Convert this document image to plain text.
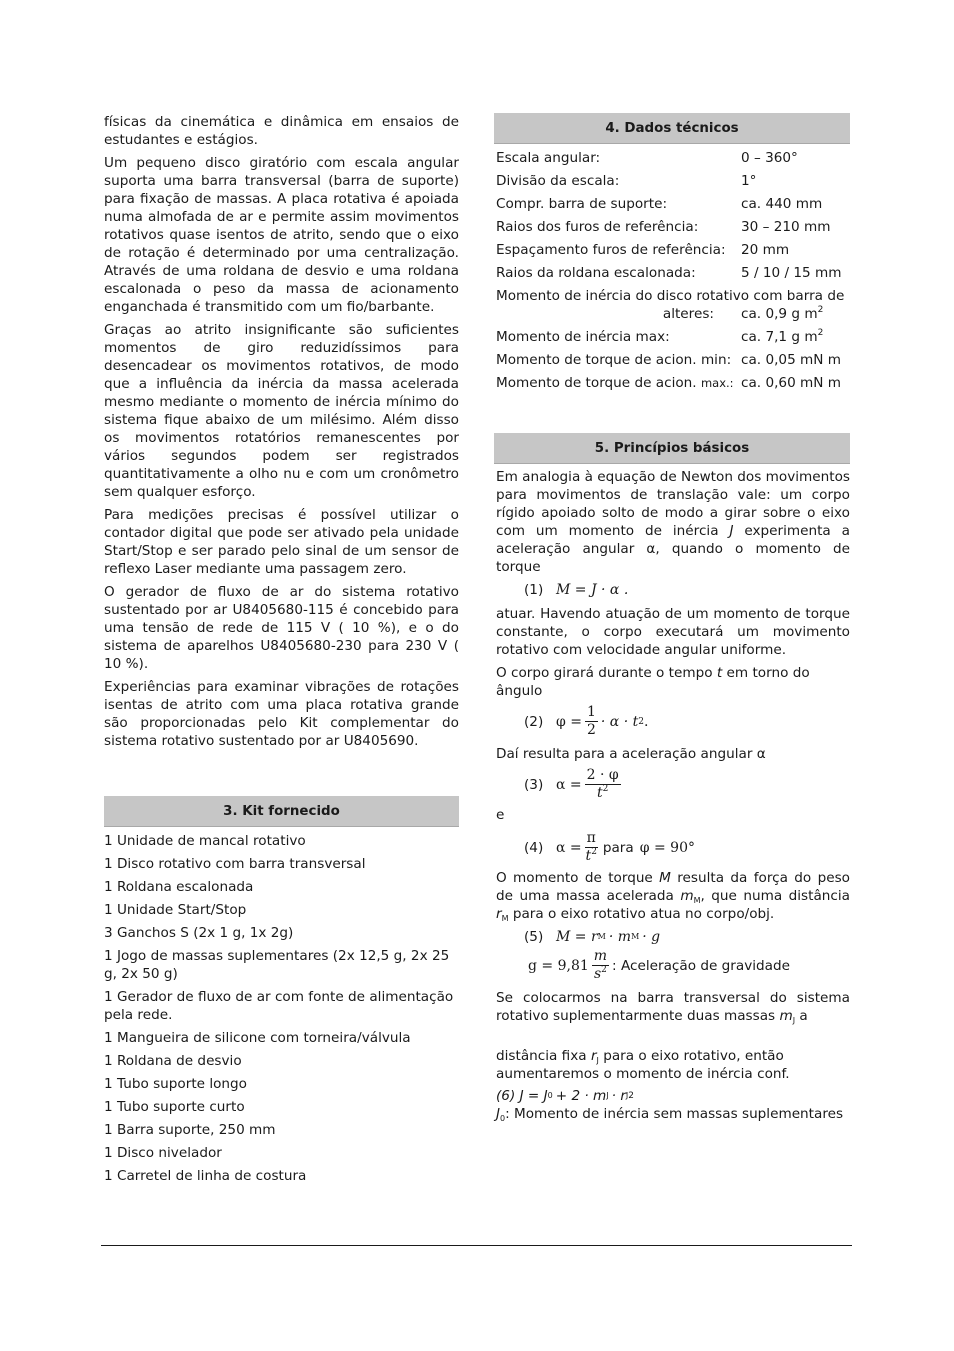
físicas da cinemática e dinâmica em ensaios de estudantes e estágios.

Um pequeno disco giratório com escala angular suporta uma barra transversal (barra de suporte) para fixação de massas. A placa rotativa é apoiada numa almofada de ar e permite assim movimentos rotativos quase isentos de atrito, sendo que o eixo de rotação é determinado por uma centralização. Através de uma roldana de desvio e uma roldana escalonada o peso da massa de acionamento enganchada é transmitido com um fio/barbante.

Graças ao atrito insignificante são suficientes momentos de giro reduzidíssimos para desencadear os movimentos rotativos, de modo que a influência da inércia da massa acelerada mesmo mediante o momento de inércia mínimo do sistema fique abaixo de um milésimo. Além disso os movimentos rotatórios remanescentes por vários segundos podem ser registrados quantitativamente a olho nu e com um cronômetro sem qualquer esforço.

Para medições precisas é possível utilizar o contador digital que pode ser ativado pela unidade Start/Stop e ser parado pelo sinal de um sensor de reflexo Laser mediante uma passagem zero.

O gerador de fluxo de ar do sistema rotativo sustentado por ar U8405680-115 é concebido para uma tensão de rede de 115 V ( 10 %), e o do sistema de aparelhos U8405680-230 para 230 V ( 10 %).

Experiências para examinar vibrações de rotações isentas de atrito com uma placa rotativa grande são proporcionadas pelo Kit complementar do sistema rotativo sustentado por ar U8405690.

3. Kit fornecido
1 Unidade de mancal rotativo
1 Disco rotativo com barra transversal
1 Roldana escalonada
1 Unidade Start/Stop
3 Ganchos S (2x 1 g, 1x 2g)
1 Jogo de massas suplementares (2x 12,5 g, 2x 25 g, 2x 50 g)
1 Gerador de fluxo de ar com fonte de alimentação pela rede.
1 Mangueira de silicone com torneira/válvula
1 Roldana de desvio
1 Tubo suporte longo
1 Tubo suporte curto
1 Barra suporte, 250 mm
1 Disco nivelador
1 Carretel de linha de costura
4. Dados técnicos
Escala angular:	0 – 360°
Divisão da escala:	1°
Compr. barra de suporte:	ca. 440 mm
Raios dos furos de referência:	30 – 210 mm
Espaçamento furos de referência:	20 mm
Raios da roldana escalonada:	5 / 10 / 15 mm
Momento de inércia do disco rotativo com barra de
alteres:	ca. 0,9 g $m^2$
Momento de inércia max:	ca. 7,1 g $m^2$
Momento de torque de acion. min: ca. 0,05 mN m
Momento de torque de acion. max.: ca. 0,60 mN m
5. Princípios básicos

Em analogia à equação de Newton dos movimentos para movimentos de translação vale: um corpo rígido apoiado solto de modo a girar sobre o eixo com um momento de inércia J experimenta a aceleração angular α, quando o momento de torque

(1) M = J · α .

atuar. Havendo atuação de um momento de torque constante, o corpo executará um movimento rotativo com velocidade angular uniforme.

O corpo girará durante o tempo t em torno do ângulo

(2) $\varphi = \frac{1}{2} \cdot \alpha \cdot t$ 2 .

Daí resulta para a aceleração angular α

(3) $\alpha = \frac{2 \cdot \varphi}{t^2}$

e

(4) $\alpha = \frac{\pi}{t^2}$ para φ = 90°

O momento de torque M resulta da força do peso de uma massa acelerada $m_M$, que numa distância $r_M$ para o eixo rotativo atua no corpo/obj.

(5) M = r M · m M · g
$g = 9,81 \frac{m}{s^2}$ : Aceleração de gravidade

Se colocarmos na barra transversal do sistema rotativo suplementarmente duas massas $m_J$ a

distância fixa $r_J$ para o eixo rotativo, então aumentaremos o momento de inércia conf.

(6) J = J 0 + 2 · m J · r J 2

$J_0$: Momento de inércia sem massas suplementares
